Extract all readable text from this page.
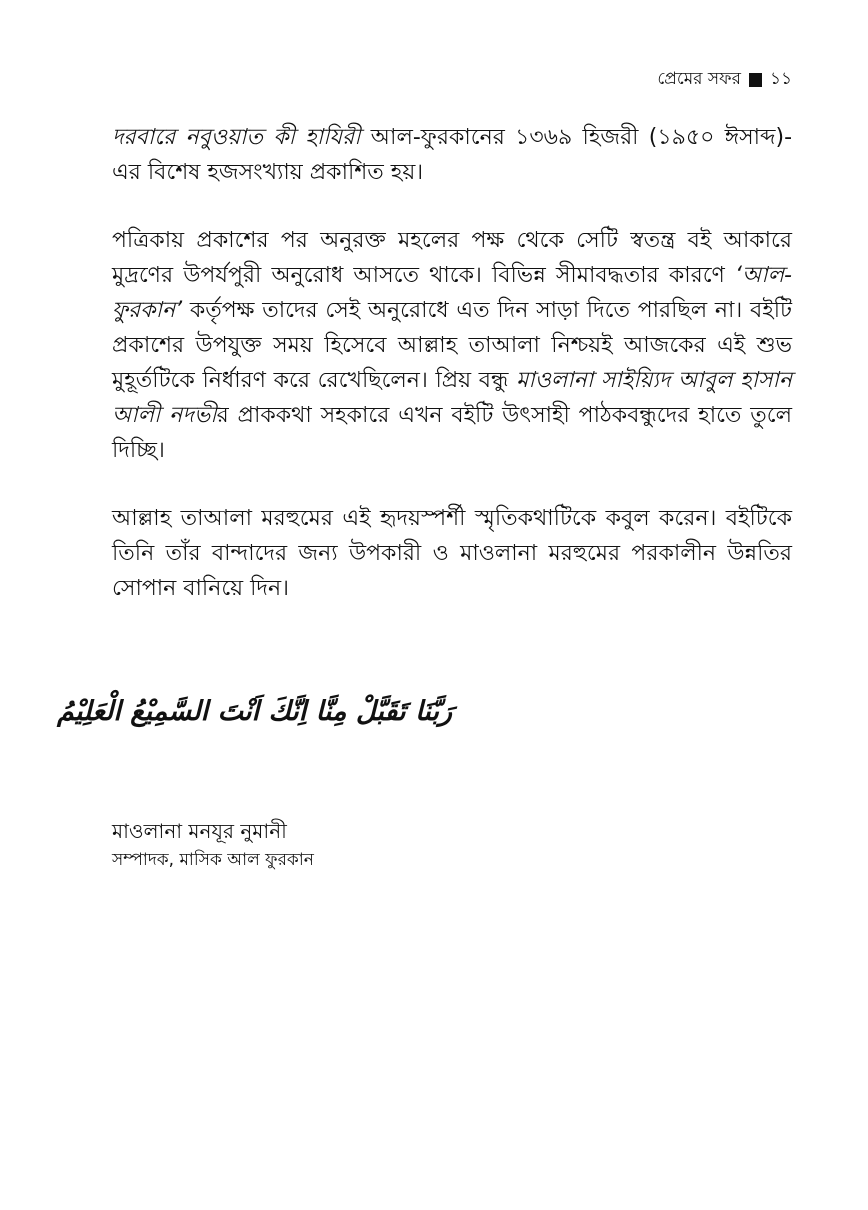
প্রেমের সফর ১১

দরবারে নবুওয়াত কী হাযিরী আল-ফুরকানের ১৩৬৯ হিজরী (১৯৫০ ঈসাব্দ)-এর বিশেষ হজসংখ্যায় প্রকাশিত হয়।

পত্রিকায় প্রকাশের পর অনুরক্ত মহলের পক্ষ থেকে সেটি স্বতন্ত্র বই আকারে মুদ্রণের উপর্যপুরী অনুরোধ আসতে থাকে। বিভিন্ন সীমাবদ্ধতার কারণে ‘আল-ফুরকান’ কর্তৃপক্ষ তাদের সেই অনুরোধে এত দিন সাড়া দিতে পারছিল না। বইটি প্রকাশের উপযুক্ত সময় হিসেবে আল্লাহ তাআলা নিশ্চয়ই আজকের এই শুভ মুহূর্তটিকে নির্ধারণ করে রেখেছিলেন। প্রিয় বন্ধু মাওলানা সাইয়্যিদ আবুল হাসান আলী নদভীর প্রাককথা সহকারে এখন বইটি উৎসাহী পাঠকবন্ধুদের হাতে তুলে দিচ্ছি।

আল্লাহ তাআলা মরহুমের এই হৃদয়স্পর্শী স্মৃতিকথাটিকে কবুল করেন। বইটিকে তিনি তাঁর বান্দাদের জন্য উপকারী ও মাওলানা মরহুমের পরকালীন উন্নতির সোপান বানিয়ে দিন।

رَبَّنَا تَقَبَّلْ مِنَّا اِنَّكَ اَنْتَ السَّمِيْعُ الْعَلِيْمُ
মাওলানা মনযূর নুমানী
সম্পাদক, মাসিক আল ফুরকান
